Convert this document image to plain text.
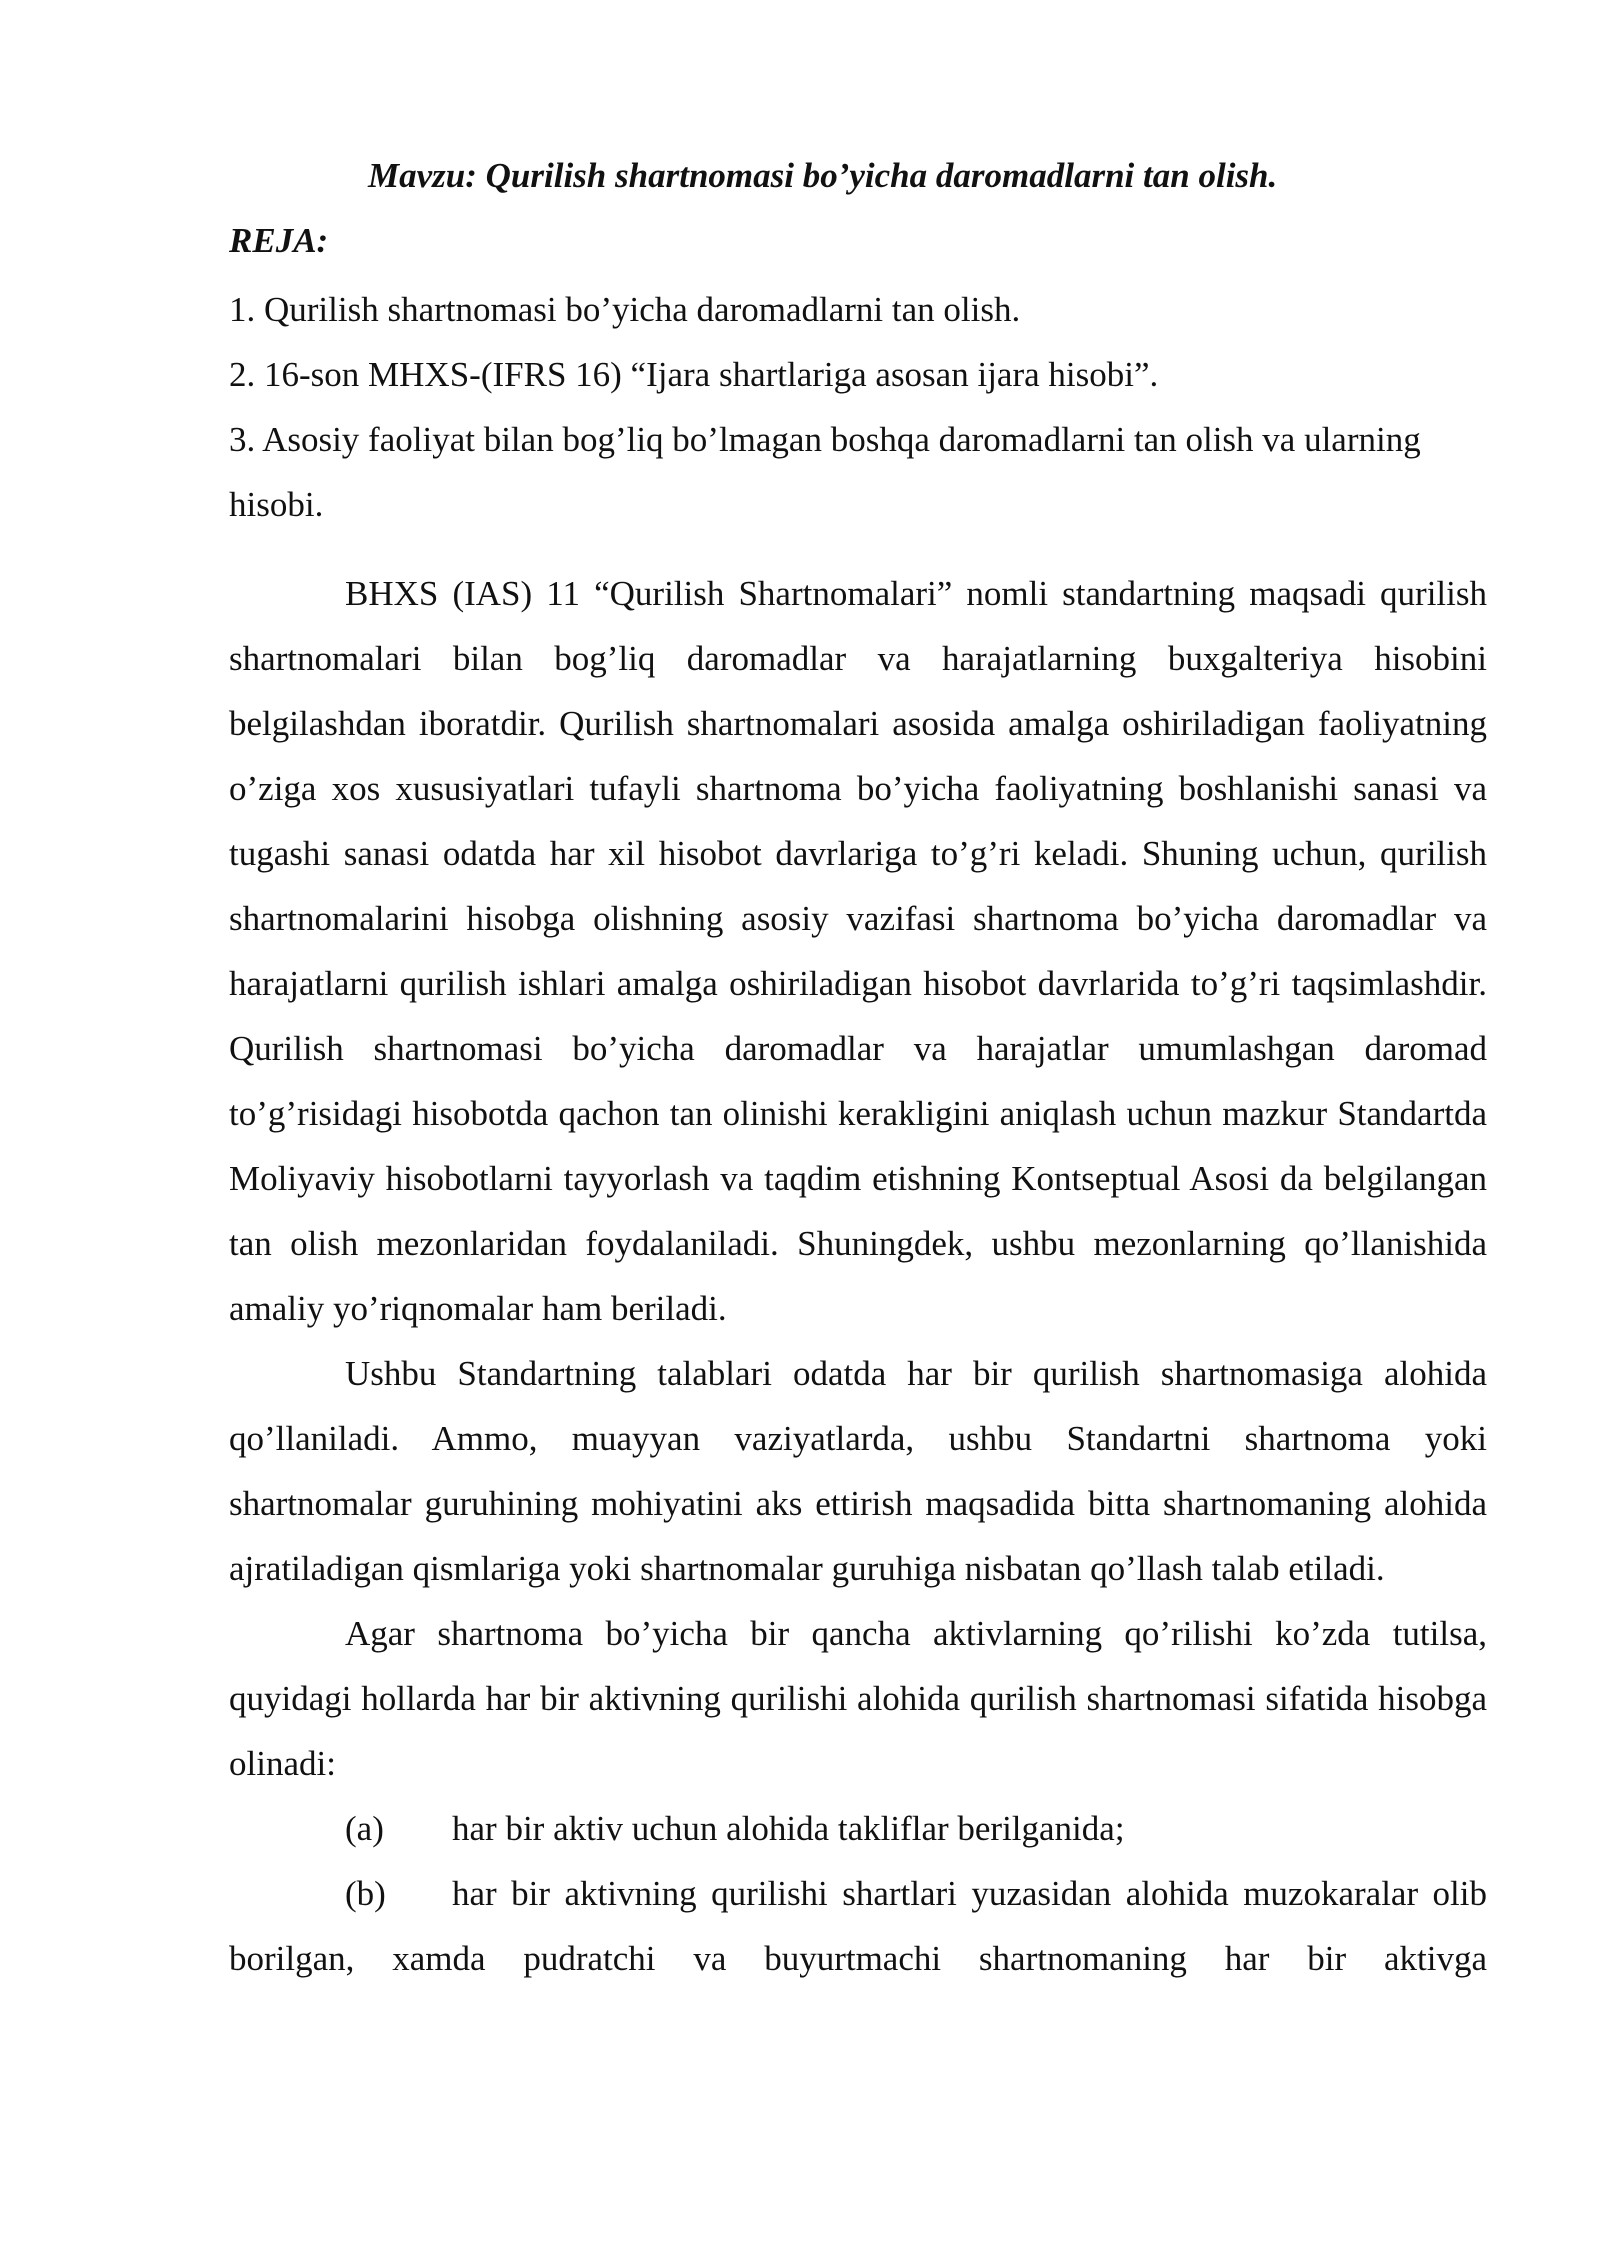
Mavzu: Qurilish shartnomasi bo’yicha daromadlarni tan olish.
REJA:
1. Qurilish shartnomasi bo’yicha daromadlarni tan olish.
2. 16-son MHXS-(IFRS 16) “Ijara shartlariga asosan ijara hisobi”.
3. Asosiy faoliyat bilan bog’liq bo’lmagan boshqa daromadlarni tan olish va ularning hisobi.

BHXS (IAS) 11 “Qurilish Shartnomalari” nomli standartning maqsadi qurilish shartnomalari bilan bog’liq daromadlar va harajatlarning buxgalteriya hisobini belgilashdan iboratdir. Qurilish shartnomalari asosida amalga oshiriladigan faoliyatning o’ziga xos xususiyatlari tufayli shartnoma bo’yicha faoliyatning boshlanishi sanasi va tugashi sanasi odatda har xil hisobot davrlariga to’g’ri keladi. Shuning uchun, qurilish shartnomalarini hisobga olishning asosiy vazifasi shartnoma bo’yicha daromadlar va harajatlarni qurilish ishlari amalga oshiriladigan hisobot davrlarida to’g’ri taqsimlashdir. Qurilish shartnomasi bo’yicha daromadlar va harajatlar umumlashgan daromad to’g’risidagi hisobotda qachon tan olinishi kerakligini aniqlash uchun mazkur Standartda Moliyaviy hisobotlarni tayyorlash va taqdim etishning Kontseptual Asosi da belgilangan tan olish mezonlaridan foydalaniladi. Shuningdek, ushbu mezonlarning qo’llanishida amaliy yo’riqnomalar ham beriladi.

Ushbu Standartning talablari odatda har bir qurilish shartnomasiga alohida qo’llaniladi. Ammo, muayyan vaziyatlarda, ushbu Standartni shartnoma yoki shartnomalar guruhining mohiyatini aks ettirish maqsadida bitta shartnomaning alohida ajratiladigan qismlariga yoki shartnomalar guruhiga nisbatan qo’llash talab etiladi.

Agar shartnoma bo’yicha bir qancha aktivlarning qo’rilishi ko’zda tutilsa, quyidagi hollarda har bir aktivning qurilishi alohida qurilish shartnomasi sifatida hisobga olinadi:

(a) har bir aktiv uchun alohida takliflar berilganida;

(b) har bir aktivning qurilishi shartlari yuzasidan alohida muzokaralar olib borilgan, xamda pudratchi va buyurtmachi shartnomaning har bir aktivga
